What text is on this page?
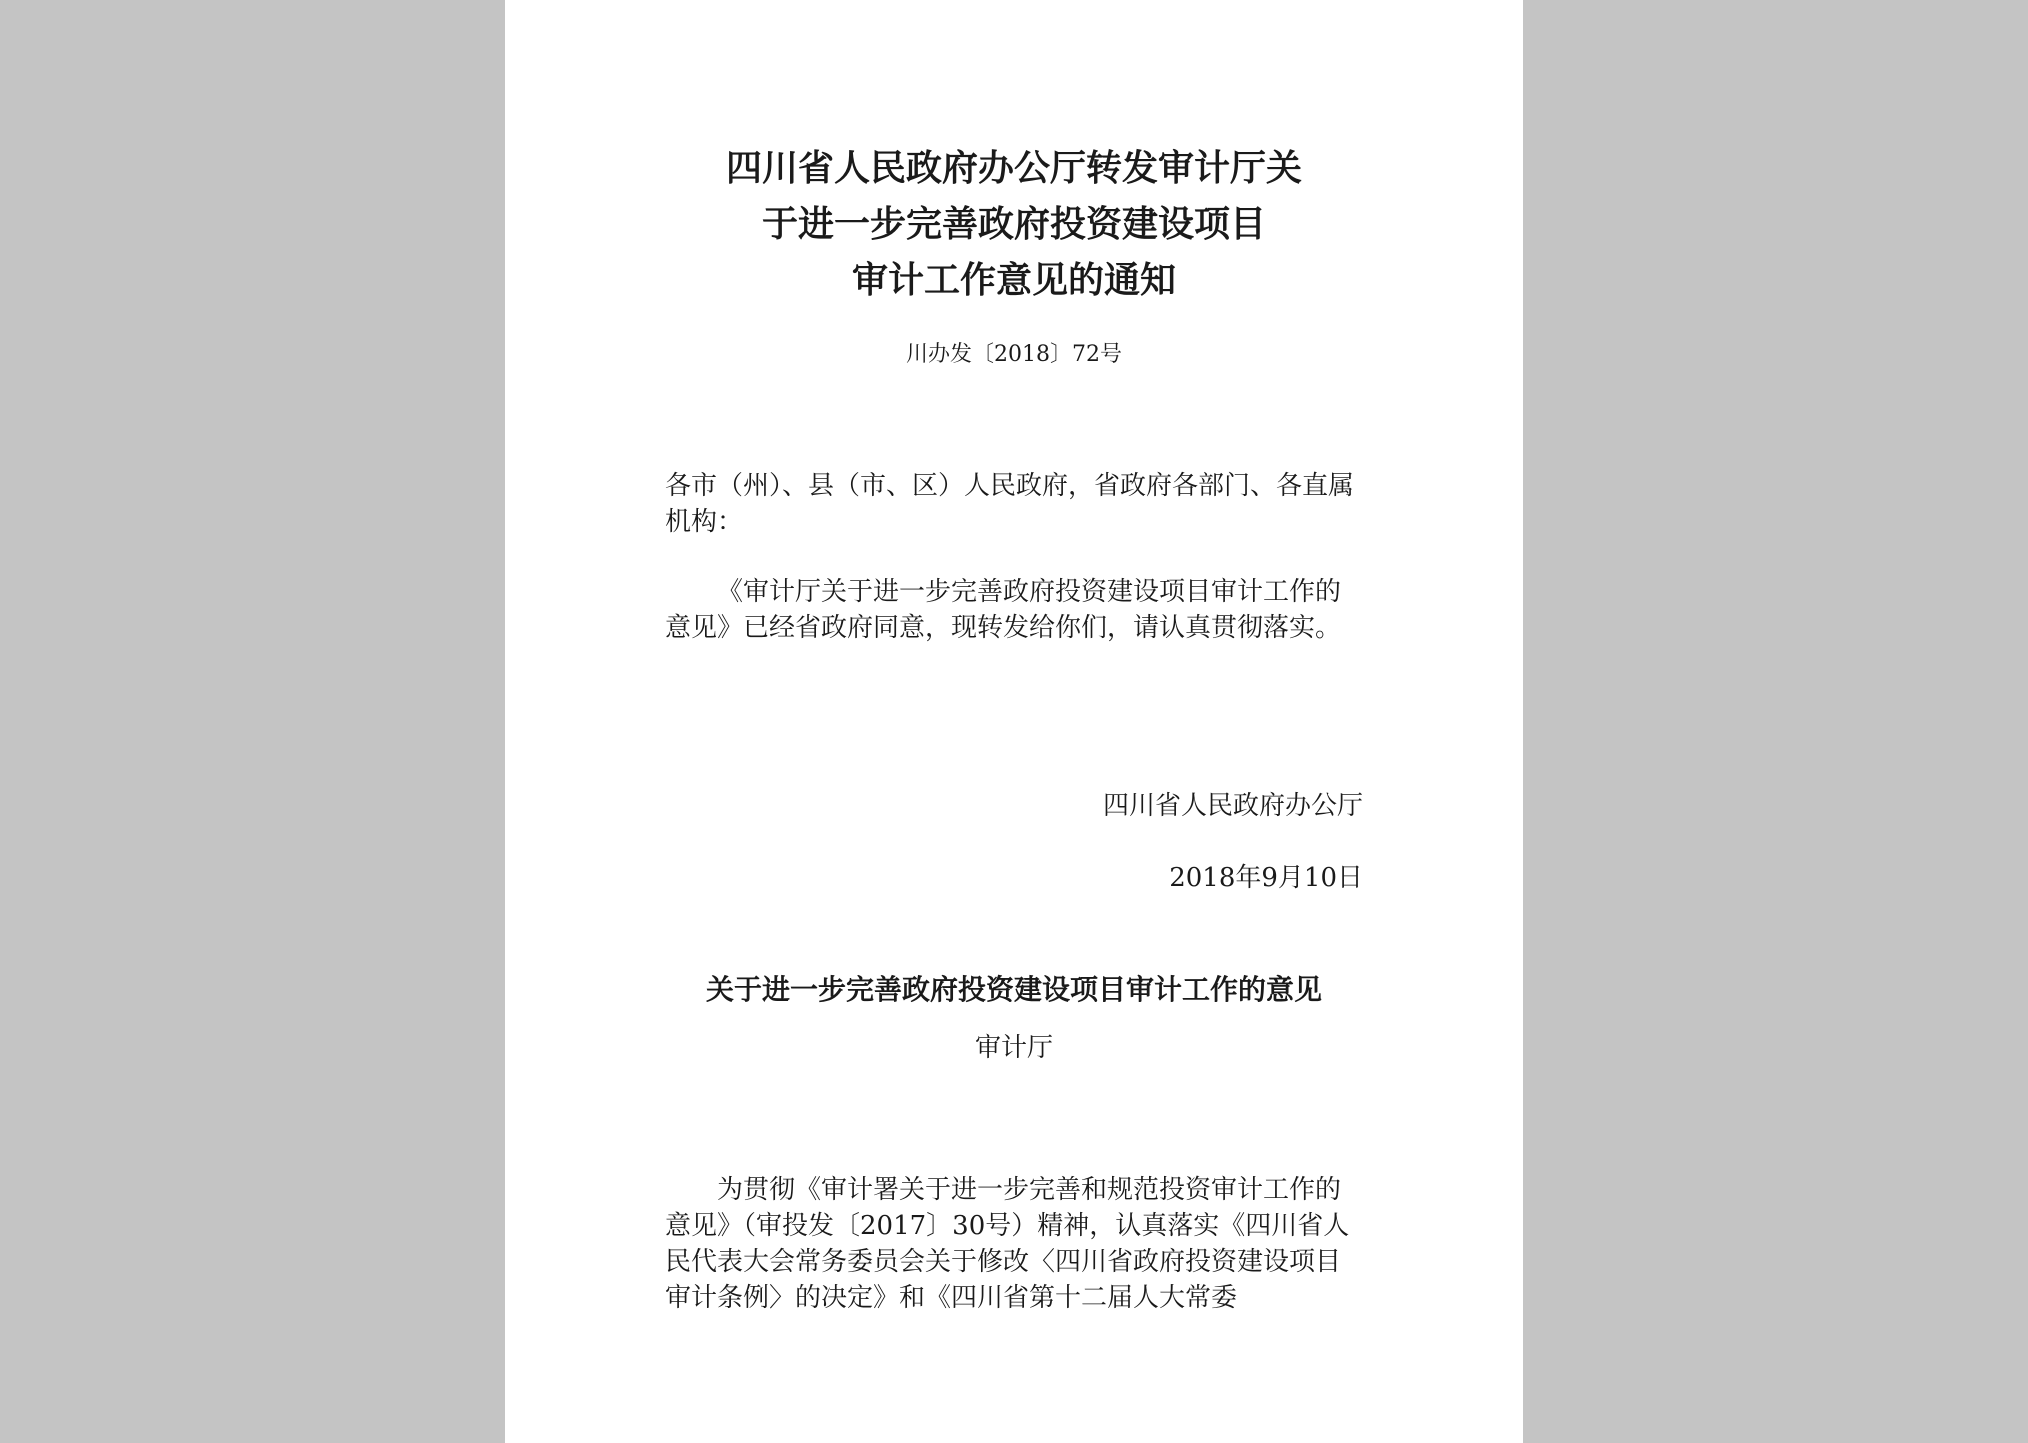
四川省人民政府办公厅转发审计厅关
于进一步完善政府投资建设项目
审计工作意见的通知
川办发〔2018〕72号

各市（州）、县（市、区）人民政府，省政府各部门、各直属机构：

《审计厅关于进一步完善政府投资建设项目审计工作的意见》已经省政府同意，现转发给你们，请认真贯彻落实。

四川省人民政府办公厅
2018年9月10日
关于进一步完善政府投资建设项目审计工作的意见
审计厅

为贯彻《审计署关于进一步完善和规范投资审计工作的意见》（审投发〔2017〕30号）精神，认真落实《四川省人民代表大会常务委员会关于修改〈四川省政府投资建设项目审计条例〉的决定》和《四川省第十二届人大常委
